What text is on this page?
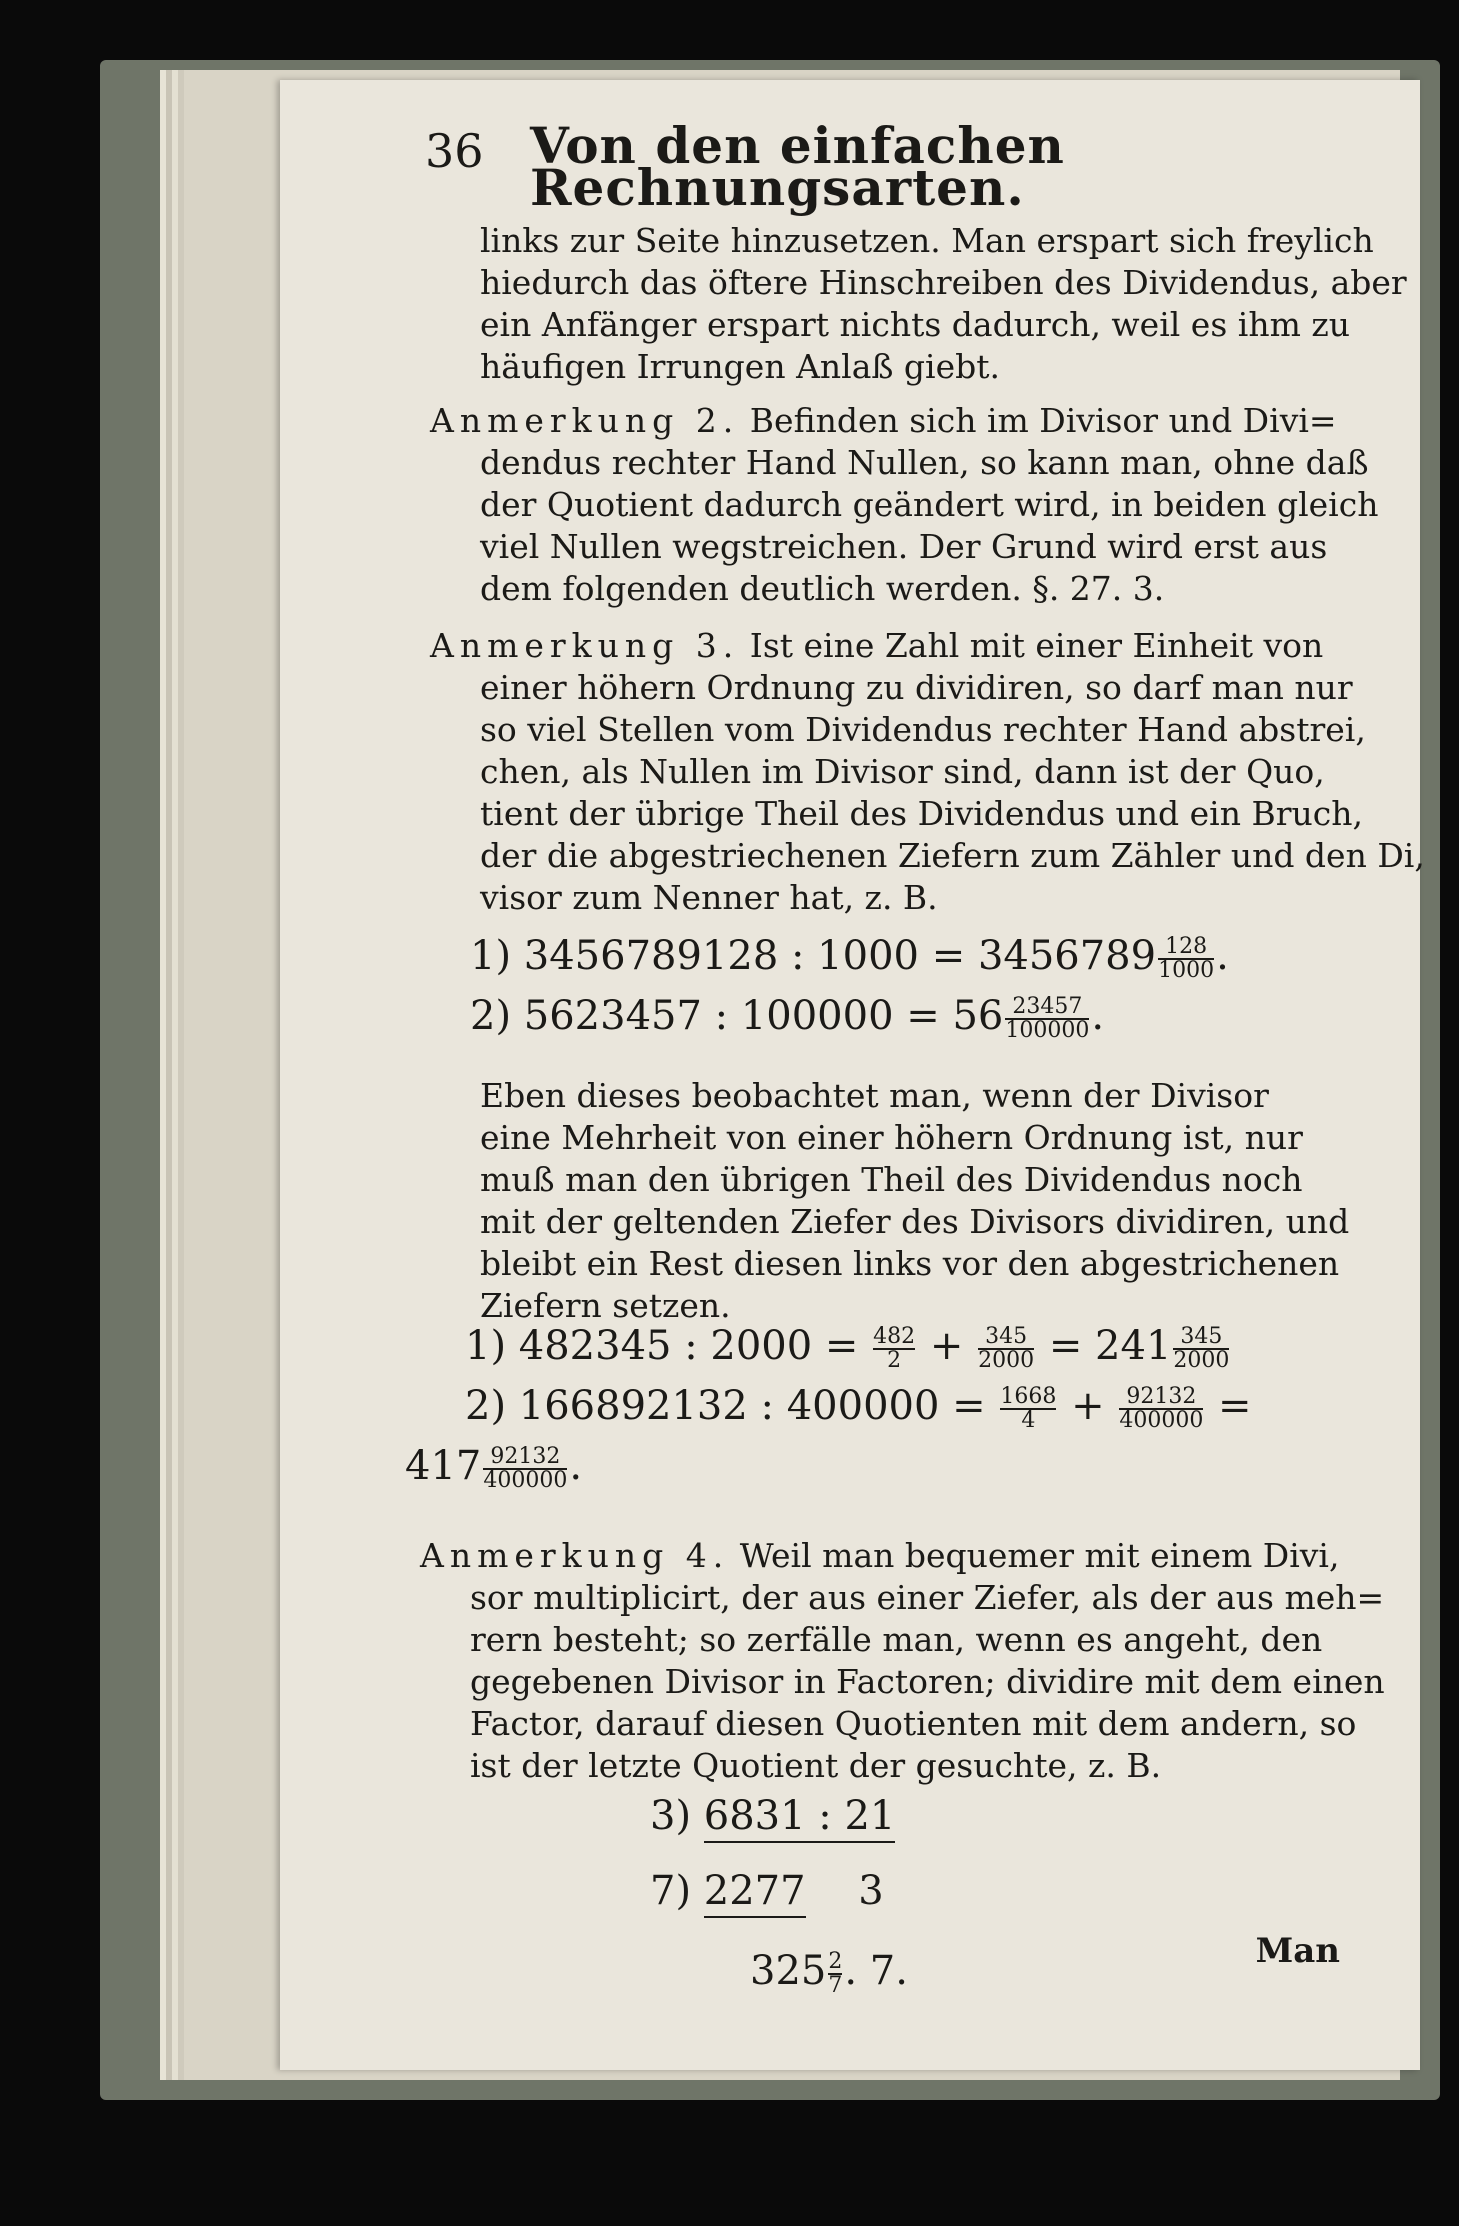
36 Von den einfachen Rechnungsarten.
links zur Seite hinzusetzen. Man erspart sich freylich
hiedurch das öftere Hinschreiben des Dividendus, aber
ein Anfänger erspart nichts dadurch, weil es ihm zu
häufigen Irrungen Anlaß giebt.
Anmerkung 2. Befinden sich im Divisor und Divi=
dendus rechter Hand Nullen, so kann man, ohne daß
der Quotient dadurch geändert wird, in beiden gleich
viel Nullen wegstreichen. Der Grund wird erst aus
dem folgenden deutlich werden. §. 27. 3.
Anmerkung 3. Ist eine Zahl mit einer Einheit von
einer höhern Ordnung zu dividiren, so darf man nur
so viel Stellen vom Dividendus rechter Hand abstrei,
chen, als Nullen im Divisor sind, dann ist der Quo,
tient der übrige Theil des Dividendus und ein Bruch,
der die abgestriechenen Ziefern zum Zähler und den Di,
visor zum Nenner hat, z. B.
1) 3456789128 : $1000 = 3456789 \frac{128}{1000}$ .
2) 5623457 : $100000 = 56 \frac{23457}{100000}$ .
Eben dieses beobachtet man, wenn der Divisor
eine Mehrheit von einer höhern Ordnung ist, nur
muß man den übrigen Theil des Dividendus noch
mit der geltenden Ziefer des Divisors dividiren, und
bleibt ein Rest diesen links vor den abgestrichenen
Ziefern setzen.
1) 482345 : $2000 = \frac{482}{2} + \frac{345}{2000} = 241 \frac{345}{2000}$
2) 166892132 : $400000 = \frac{1668}{4} + \frac{92132}{400000}$ =
$417 \frac{92132}{400000}$ .
Anmerkung 4. Weil man bequemer mit einem Divi,
sor multiplicirt, der aus einer Ziefer, als der aus meh=
rern besteht; so zerfälle man, wenn es angeht, den
gegebenen Divisor in Factoren; dividire mit dem einen
Factor, darauf diesen Quotienten mit dem andern, so
ist der letzte Quotient der gesuchte, z. B.
3) 6831 : 21
7) 2277 3
$325 \frac{2}{7}$ . 7.	Man
